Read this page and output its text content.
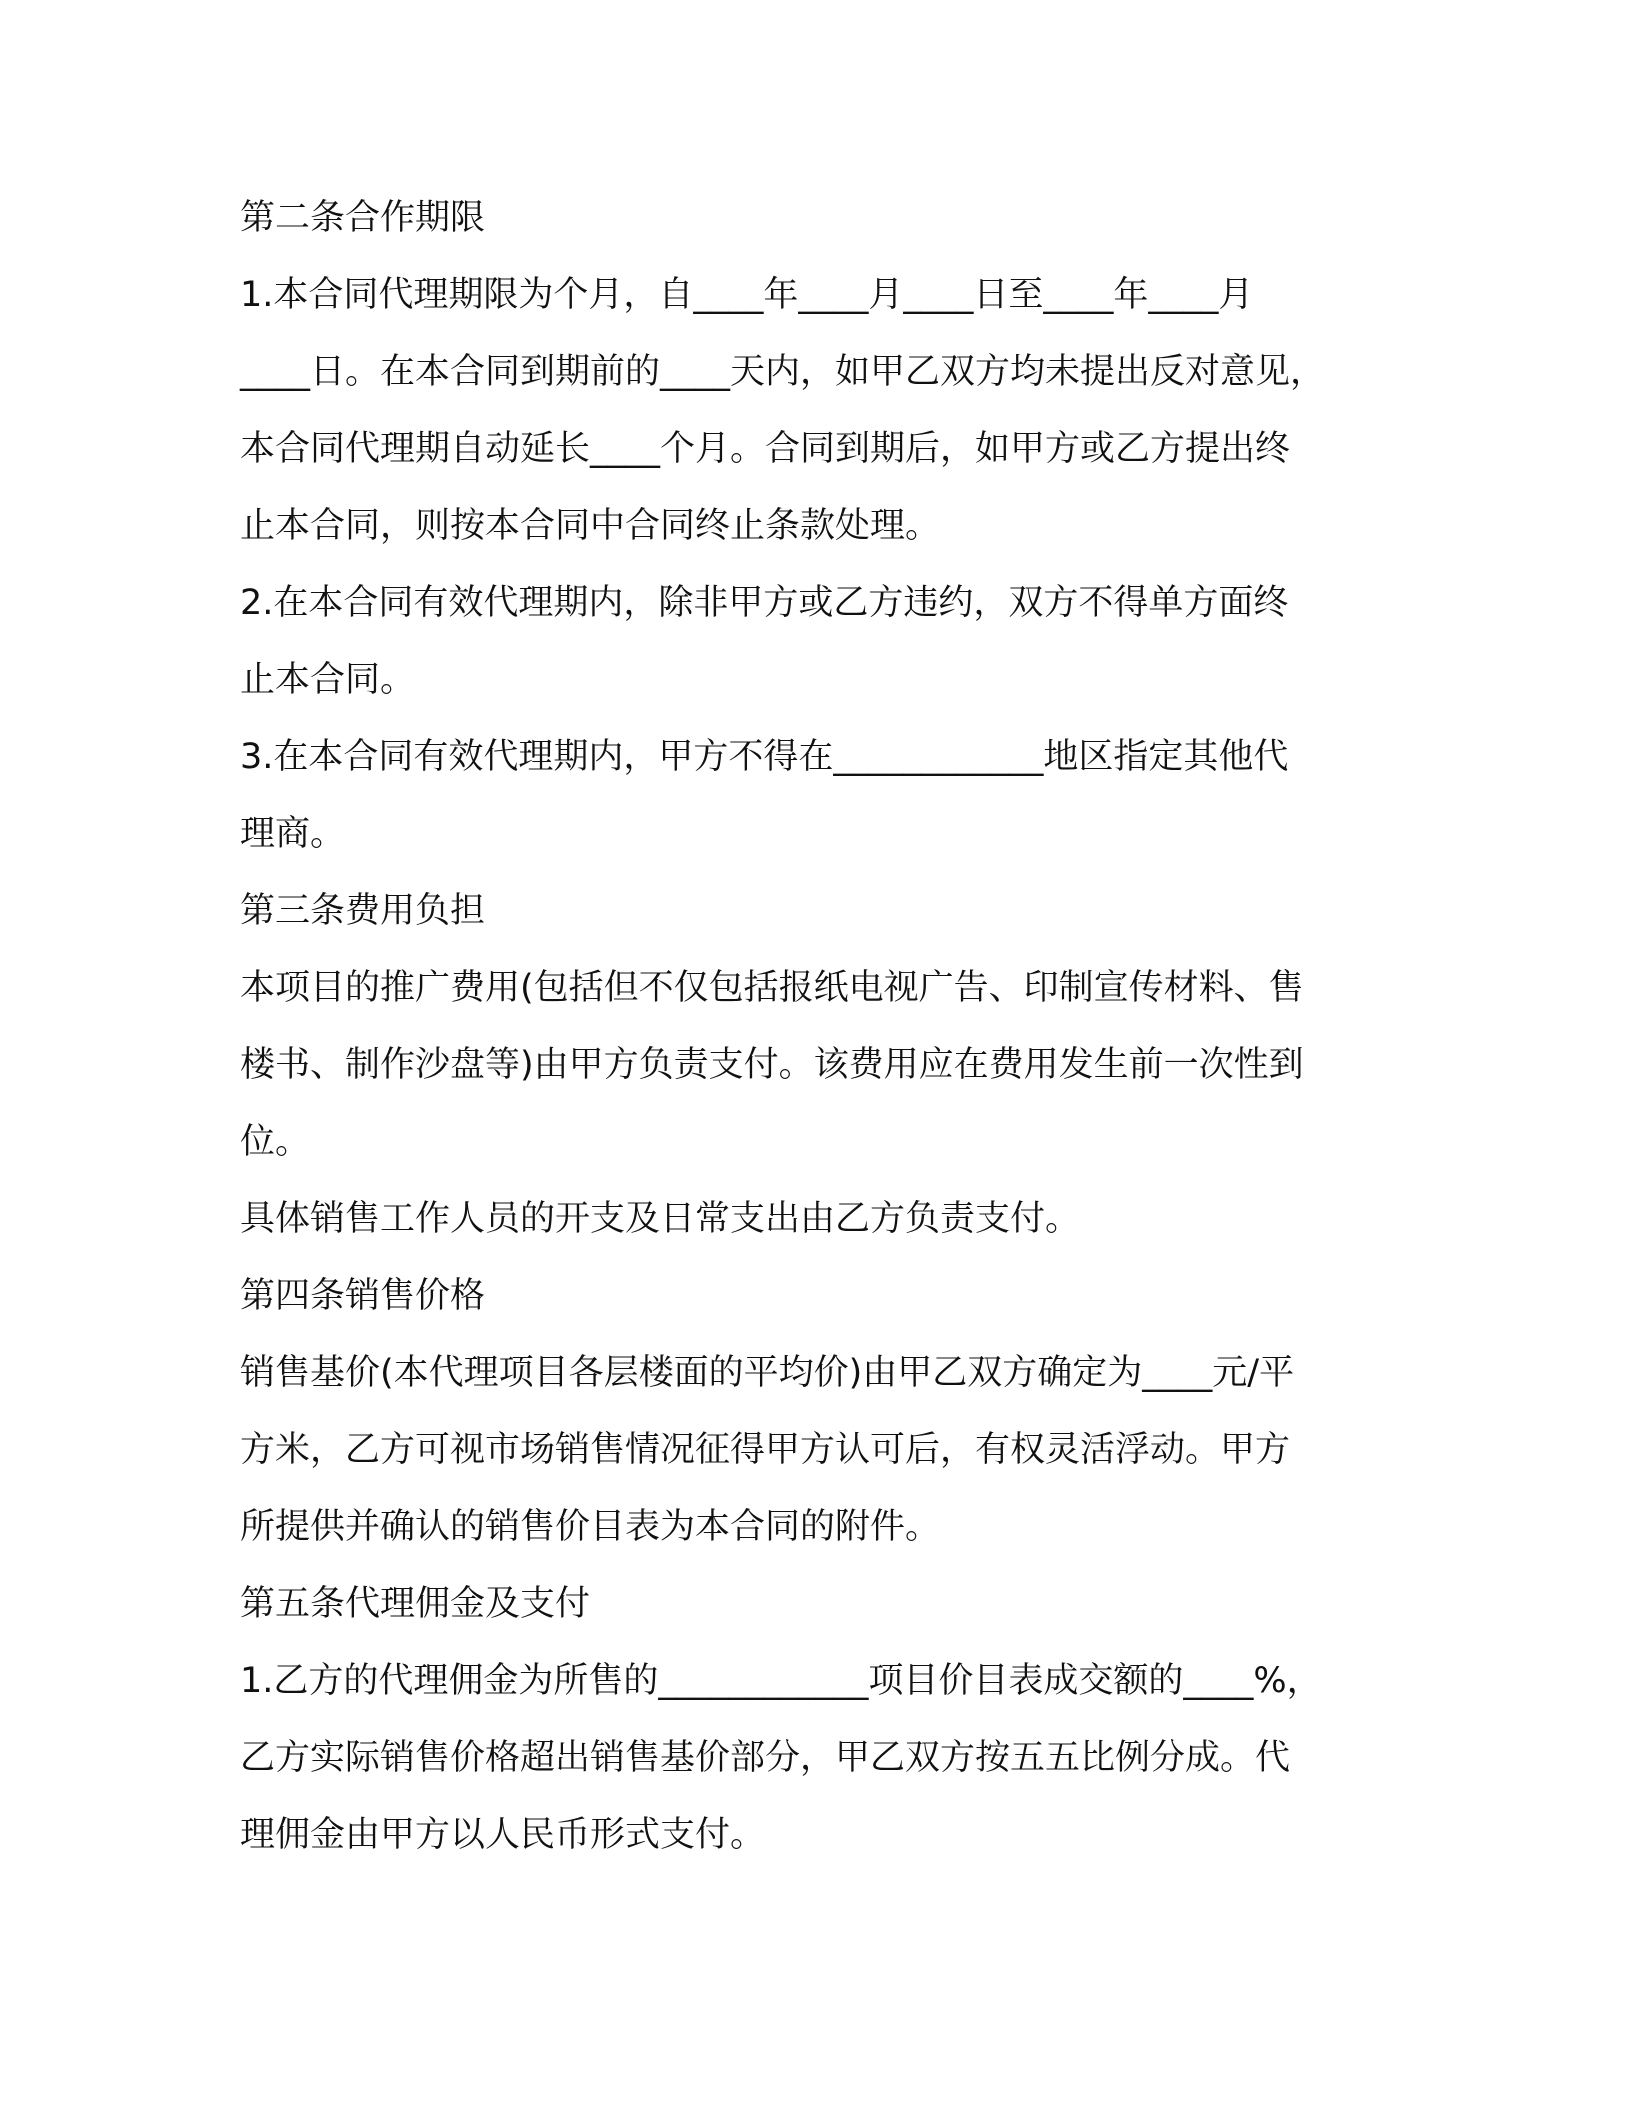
第二条合作期限

1.本合同代理期限为个月，自____年____月____日至____年____月

____日。在本合同到期前的____天内，如甲乙双方均未提出反对意见，

本合同代理期自动延长____个月。合同到期后，如甲方或乙方提出终

止本合同，则按本合同中合同终止条款处理。

2.在本合同有效代理期内，除非甲方或乙方违约，双方不得单方面终

止本合同。

3.在本合同有效代理期内，甲方不得在____________地区指定其他代

理商。

第三条费用负担

本项目的推广费用(包括但不仅包括报纸电视广告、印制宣传材料、售

楼书、制作沙盘等)由甲方负责支付。该费用应在费用发生前一次性到

位。

具体销售工作人员的开支及日常支出由乙方负责支付。

第四条销售价格

销售基价(本代理项目各层楼面的平均价)由甲乙双方确定为____元/平

方米，乙方可视市场销售情况征得甲方认可后，有权灵活浮动。甲方

所提供并确认的销售价目表为本合同的附件。

第五条代理佣金及支付

1.乙方的代理佣金为所售的____________项目价目表成交额的____%，

乙方实际销售价格超出销售基价部分，甲乙双方按五五比例分成。代

理佣金由甲方以人民币形式支付。
